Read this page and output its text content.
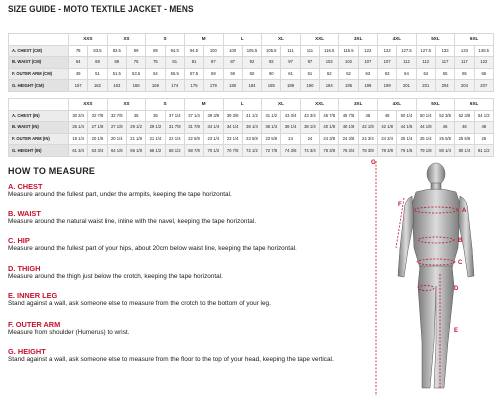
SIZE GUIDE - MOTO TEXTILE JACKET - MENS
	XXS		XS		S		M		L		XL		XXL		3XL		4XL		5XL		6XL	
A. CHEST (CM)	78	83.5	83.5	89	89	94.5	94.5	100	100	105.5	105.5	111	111	116.5	116.5	122	122	127.5	127.5	133	133	138.5
B. WAIST (CM)	64	69	69	75	75	81	81	87	87	92	92	97	97	102	102	107	107	112	112	117	117	122
F. OUTER ARM (CM)	49	51	51.5	53.5	54	56.5	57.5	59	59	60	60	61	61	62	62	63	63	64	64	65	65	66
G. HEIGHT (CM)	157	162	163	168	169	174	175	179	180	184	185	189	190	194	195	199	199	201	201	204	204	207
	XXS		XS		S		M		L		XL		XXL		3XL		4XL		5XL		6XL	
A. CHEST (IN)	30 3/4	32 7/8	32 7/8	35	35	37 1/4	37 1/4	39 3/8	39 3/8	41 1/2	41 1/2	43 3/4	43 3/4	45 7/8	45 7/8	48	48	50 1/4	50 1/4	52 3/8	52 3/8	54 1/2
B. WAIST (IN)	25 1/4	27 1/8	27 1/8	29 1/2	29 1/2	31 7/8	31 7/8	34 1/4	34 1/4	36 1/4	36 1/4	38 1/4	38 1/4	40 1/8	40 1/8	42 1/8	42 1/8	44 1/8	44 1/8	46	46	48
F. OUTER ARM (IN)	19 1/4	20 1/8	20 1/4	21 1/8	21 1/4	22 1/4	22 5/8	23 1/4	23 1/4	23 5/8	23 5/8	24	24	24 3/8	24 3/8	24 3/4	24 3/4	25 1/4	25 1/4	25 5/8	25 5/8	26
G. HEIGHT (IN)	61 3/4	63 3/4	64 1/8	66 1/8	66 1/2	68 1/2	68 7/8	70 1/2	70 7/8	72 1/2	72 7/8	74 3/8	74 3/4	76 3/8	76 3/4	78 3/8	78 3/8	79 1/8	79 1/8	80 1/4	80 1/4	81 1/2
HOW TO MEASURE
A. CHEST
Measure around the fullest part, under the armpits, keeping the tape horizontal.
B. WAIST
Measure around the natural waist line, inline with the navel, keeping the tape horizontal.
C. HIP
Measure around the fullest part of your hips, about 20cm below waist line, keeping the tape horizontal.
D. THIGH
Measure around the thigh just below the crotch, keeping the tape horizontal.
E. INNER LEG
Stand against a wall, ask someone else to measure from the crotch to the bottom of your leg.
F. OUTER ARM
Measure from shoulder (Humerus) to wrist.
G. HEIGHT
Stand against a wall, ask someone else to measure from the floor to the top of your head, keeping the tape vertical.
G
F
A
B
C
D
E
